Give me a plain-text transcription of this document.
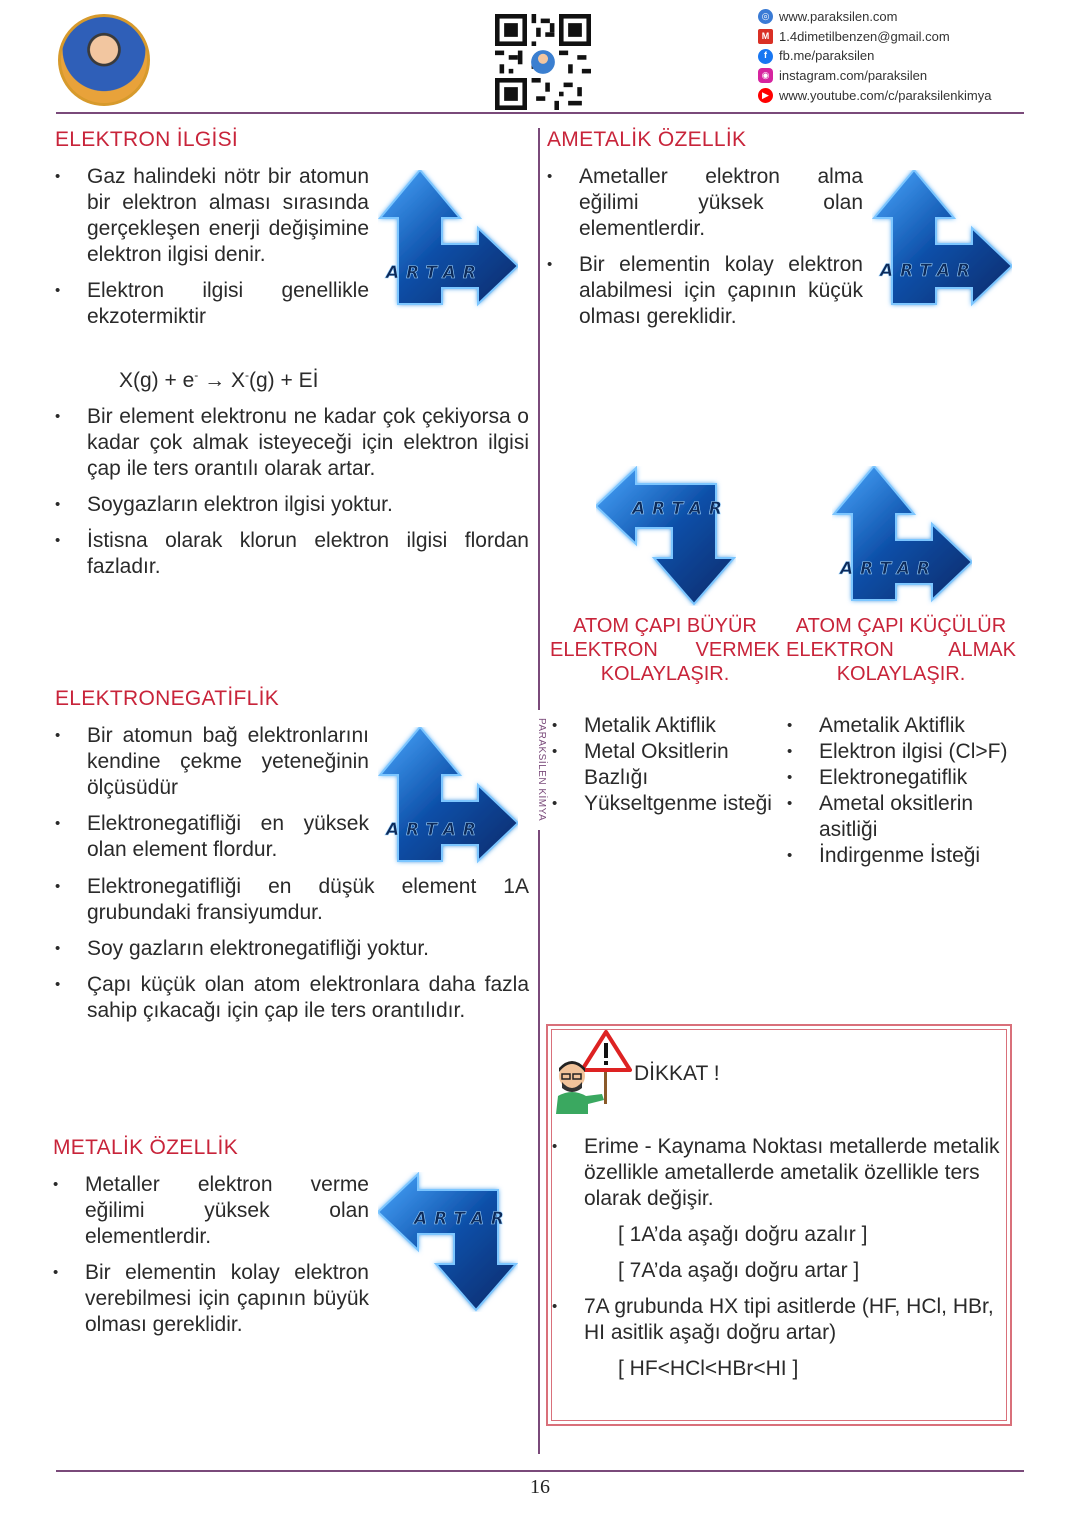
◎ www.paraksilen.com
M 1.4dimetilbenzen@gmail.com
f fb.me/paraksilen
◉ instagram.com/paraksilen
▶ www.youtube.com/c/paraksilenkimya
PARAKSİLEN KİMYA
ELEKTRON İLGİSİ
• Gaz halindeki nötr bir atomun bir elektron alması sırasında gerçekleşen enerji değişimine elektron ilgisi denir.
• Elektron ilgisi genellikle ekzotermiktir
X(g) + e- → X-(g) + Eİ
• Bir element elektronu ne kadar çok çekiyorsa o kadar çok almak isteyeceği için elektron ilgisi çap ile ters orantılı olarak artar.
• Soygazların elektron ilgisi yoktur.
• İstisna olarak klorun elektron ilgisi flordan fazladır.
ARTAR
ELEKTRONEGATİFLİK
• Bir atomun bağ elektronlarını kendine çekme yeteneğinin ölçüsüdür
• Elektronegatifliği en yüksek olan element flordur.
• Elektronegatifliği en düşük element 1A grubundaki fransiyumdur.
• Soy gazların elektronegatifliği yoktur.
• Çapı küçük olan atom elektronlara daha fazla sahip çıkacağı için çap ile ters orantılıdır.
ARTAR
METALİK ÖZELLİK
• Metaller elektron verme eğilimi yüksek olan elementlerdir.
• Bir elementin kolay elektron verebilmesi için çapının büyük olması gereklidir.
ARTAR
AMETALİK ÖZELLİK
• Ametaller elektron alma eğilimi yüksek olan elementlerdir.
• Bir elementin kolay elektron alabilmesi için çapının küçük olması gereklidir.
ARTAR
ARTAR
ARTAR
ATOM ÇAPI BÜYÜR
ELEKTRON VERMEK
KOLAYLAŞIR.
ATOM ÇAPI KÜÇÜLÜR
ELEKTRON	ALMAK
KOLAYLAŞIR.
• Metalik Aktiflik
• Metal Oksitlerin Bazlığı
• Yükseltgenme isteği
• Ametalik Aktiflik
• Elektron ilgisi (Cl>F)
• Elektronegatiflik
• Ametal oksitlerin asitliği
• İndirgenme İsteği
DİKKAT !
• Erime - Kaynama Noktası metallerde metalik özellikle ametallerde ametalik özellikle ters olarak değişir.
[ 1A’da aşağı doğru azalır ]
[ 7A’da aşağı doğru artar ]
• 7A grubunda HX tipi asitlerde (HF, HCl, HBr, HI asitlik aşağı doğru artar)
[ HF<HCl<HBr<HI ]
16
